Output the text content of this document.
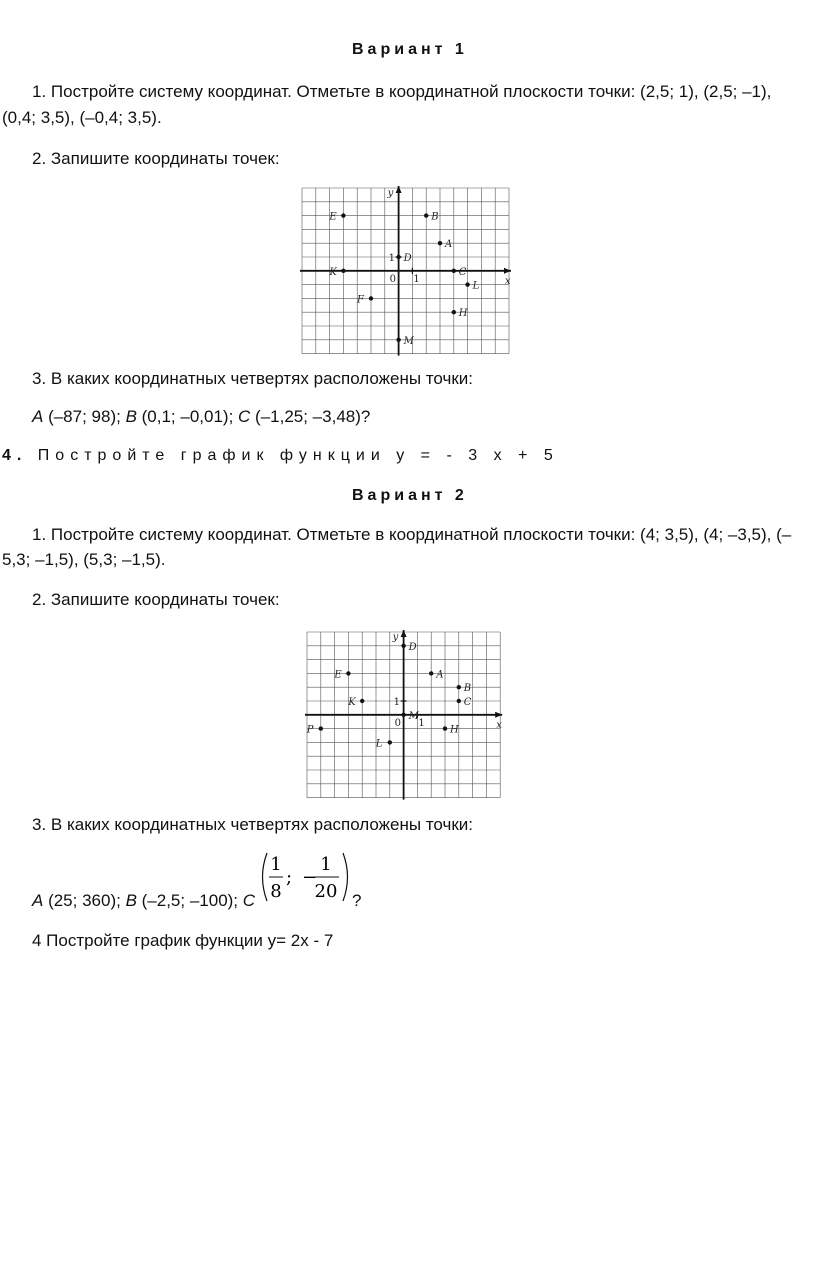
Вариант 1
1. Постройте систему координат. Отметьте в координатной плоскости точки: (2,5; 1), (2,5; –1),
(0,4; 3,5), (–0,4; 3,5).
2. Запишите координаты точек:
x
y
0 1
1
E	B
A
D
K	C
L
F
H
M
3. В каких координатных четвертях расположены точки:
A (–87; 98); B (0,1; –0,01); C (–1,25; –3,48)?
4. Постройте график функции y = - 3 x + 5
Вариант 2
1. Постройте систему координат. Отметьте в координатной плоскости точки: (4; 3,5), (4; –3,5), (–
5,3; –1,5), (5,3; –1,5).
2. Запишите координаты точек:
x
y
0 1
1
D
E	A
B
K	C
M
P	H
L
3. В каких координатных четвертях расположены точки:
A (25; 360); B (–2,5; –100); C
1
8
; −
1
20 ?
4 Постройте график функции y= 2x - 7
